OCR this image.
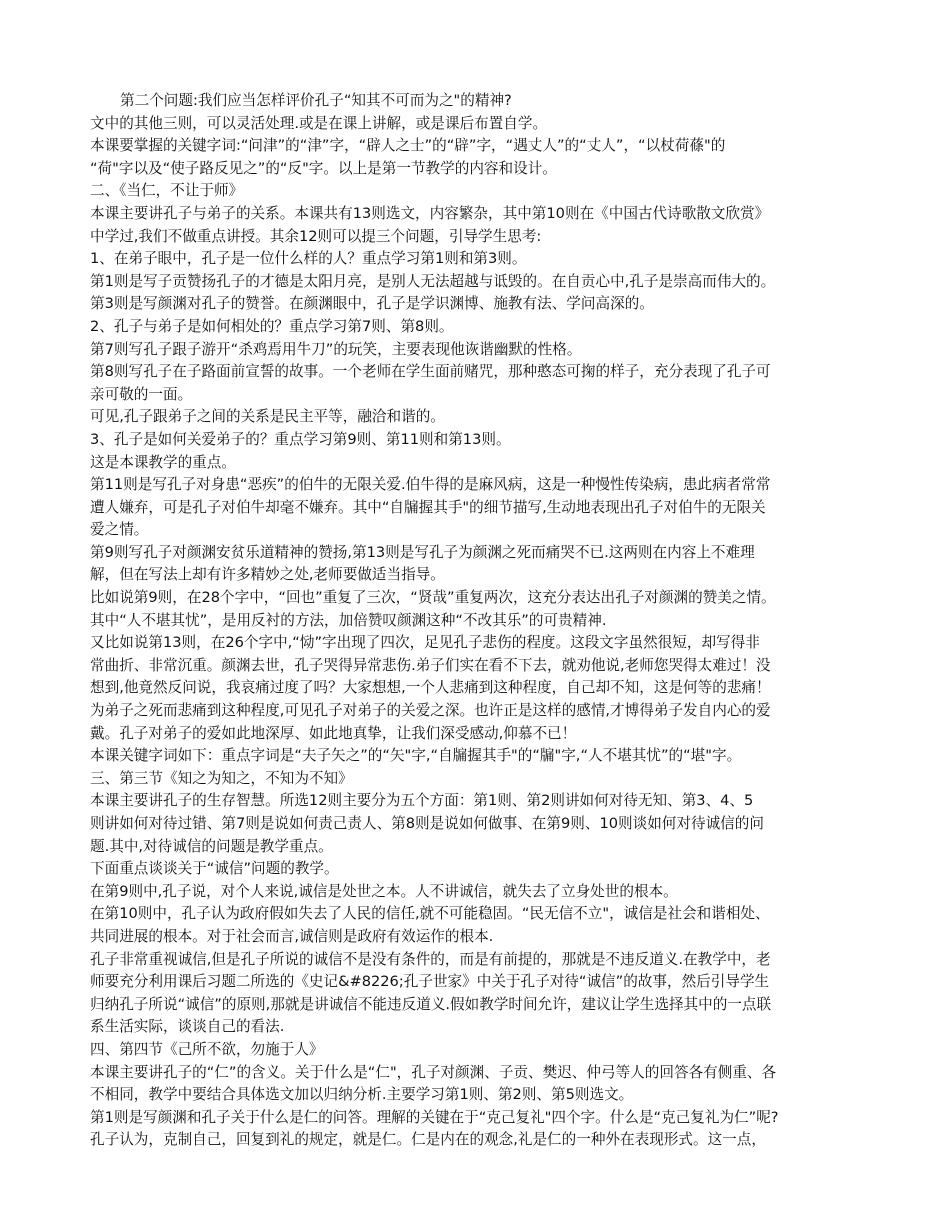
第二个问题:我们应当怎样评价孔子“知其不可而为之"的精神?
文中的其他三则，可以灵活处理.或是在课上讲解，或是课后布置自学。
本课要掌握的关键字词:“问津”的“津”字，“辟人之士”的“辟”字，“遇丈人”的“丈人”，“以杖荷蓧"的
“荷"字以及“使子路反见之”的“反"字。以上是第一节教学的内容和设计。
二、《当仁，不让于师》
本课主要讲孔子与弟子的关系。本课共有13则选文，内容繁杂，其中第10则在《中国古代诗歌散文欣赏》
中学过,我们不做重点讲授。其余12则可以提三个问题，引导学生思考:
1、在弟子眼中，孔子是一位什么样的人？重点学习第1则和第3则。
第1则是写子贡赞扬孔子的才德是太阳月亮，是别人无法超越与诋毁的。在自贡心中,孔子是崇高而伟大的。
第3则是写颜渊对孔子的赞誉。在颜渊眼中，孔子是学识渊博、施教有法、学问高深的。
2、孔子与弟子是如何相处的？重点学习第7则、第8则。
第7则写孔子跟子游开“杀鸡焉用牛刀”的玩笑，主要表现他诙谐幽默的性格。
第8则写孔子在子路面前宣誓的故事。一个老师在学生面前赌咒，那种憨态可掬的样子，充分表现了孔子可
亲可敬的一面。
可见,孔子跟弟子之间的关系是民主平等，融洽和谐的。
3、孔子是如何关爱弟子的？重点学习第9则、第11则和第13则。
这是本课教学的重点。
第11则是写孔子对身患“恶疾”的伯牛的无限关爱.伯牛得的是麻风病，这是一种慢性传染病，患此病者常常
遭人嫌弃，可是孔子对伯牛却毫不嫌弃。其中“自牖握其手"的细节描写,生动地表现出孔子对伯牛的无限关
爱之情。
第9则写孔子对颜渊安贫乐道精神的赞扬,第13则是写孔子为颜渊之死而痛哭不已.这两则在内容上不难理
解，但在写法上却有许多精妙之处,老师要做适当指导。
比如说第9则，在28个字中，“回也”重复了三次，“贤哉”重复两次，这充分表达出孔子对颜渊的赞美之情。
其中“人不堪其忧”，是用反衬的方法，加倍赞叹颜渊这种“不改其乐”的可贵精神.
又比如说第13则，在26个字中,“恸”字出现了四次，足见孔子悲伤的程度。这段文字虽然很短，却写得非
常曲折、非常沉重。颜渊去世，孔子哭得异常悲伤.弟子们实在看不下去，就劝他说,老师您哭得太难过！没
想到,他竟然反问说，我哀痛过度了吗？大家想想,一个人悲痛到这种程度，自己却不知，这是何等的悲痛！
为弟子之死而悲痛到这种程度,可见孔子对弟子的关爱之深。也许正是这样的感情,才博得弟子发自内心的爱
戴。孔子对弟子的爱如此地深厚、如此地真挚，让我们深受感动,仰慕不已！
本课关键字词如下：重点字词是“夫子矢之”的“矢"字,“自牖握其手"的“牖"字,“人不堪其忧”的“堪"字。
三、第三节《知之为知之，不知为不知》
本课主要讲孔子的生存智慧。所选12则主要分为五个方面：第1则、第2则讲如何对待无知、第3、4、5
则讲如何对待过错、第7则是说如何责己责人、第8则是说如何做事、在第9则、10则谈如何对待诚信的问
题.其中,对待诚信的问题是教学重点。
下面重点谈谈关于“诚信”问题的教学。
在第9则中,孔子说，对个人来说,诚信是处世之本。人不讲诚信，就失去了立身处世的根本。
在第10则中，孔子认为政府假如失去了人民的信任,就不可能稳固。“民无信不立"，诚信是社会和谐相处、
共同进展的根本。对于社会而言,诚信则是政府有效运作的根本.
孔子非常重视诚信,但是孔子所说的诚信不是没有条件的，而是有前提的，那就是不违反道义.在教学中，老
师要充分利用课后习题二所选的《史记&#8226;孔子世家》中关于孔子对待“诚信”的故事，然后引导学生
归纳孔子所说“诚信”的原则,那就是讲诚信不能违反道义.假如教学时间允许，建议让学生选择其中的一点联
系生活实际，谈谈自己的看法.
四、第四节《己所不欲，勿施于人》
本课主要讲孔子的“仁”的含义。关于什么是“仁"，孔子对颜渊、子贡、樊迟、仲弓等人的回答各有侧重、各
不相同，教学中要结合具体选文加以归纳分析.主要学习第1则、第2则、第5则选文。
第1则是写颜渊和孔子关于什么是仁的问答。理解的关键在于“克己复礼"四个字。什么是“克己复礼为仁”呢?
孔子认为，克制自己，回复到礼的规定，就是仁。仁是内在的观念,礼是仁的一种外在表现形式。这一点，
